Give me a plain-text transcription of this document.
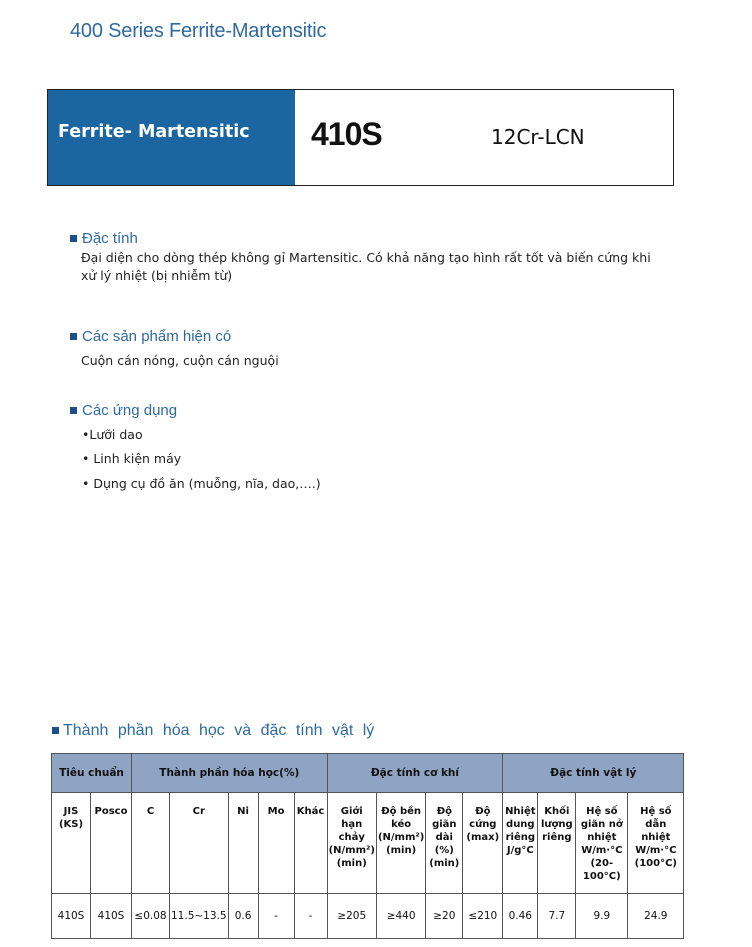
400 Series Ferrite-Martensitic
Ferrite- Martensitic 410S	12Cr-LCN
Đặc tính
Đại diện cho dòng thép không gỉ Martensitic. Có khả năng tạo hình rất tốt và biến cứng khi xử lý nhiệt (bị nhiễm từ)
Các sản phẩm hiện có
Cuộn cán nóng, cuộn cán nguội
Các ứng dụng
•Lưỡi dao
• Linh kiện máy
• Dụng cụ đồ ăn (muỗng, nĩa, dao,….)
Thành phần hóa học và đặc tính vật lý
Tiêu chuẩn		Thành phần hóa học(%)					Đặc tính cơ khí				Đặc tính vật lý			
JIS (KS)	Posco	C	Cr	Ni	Mo	Khác	Giới hạn chảy (N/mm²) (min)	Độ bền kéo (N/mm²) (min)	Độ giãn dài (%) (min)	Độ cứng (max)	Nhiệt dung riêng J/g°C	Khối lượng riêng	Hệ số giãn nở nhiệt W/m·°C (20-100°C)	Hệ số dẫn nhiệt W/m·°C (100°C)
410S	410S	≤0.08	11.5~13.5	0.6	-	-	≥205	≥440	≥20	≤210	0.46	7.7	9.9	24.9
